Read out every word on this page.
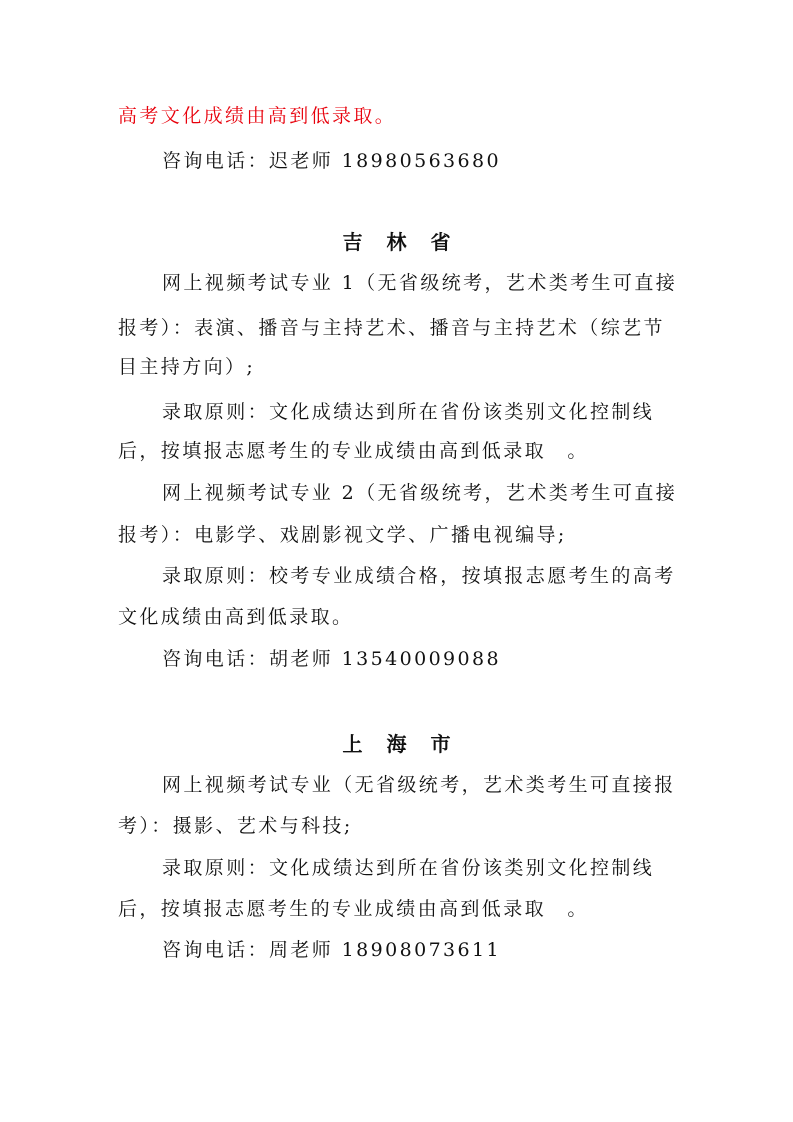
高考文化成绩由高到低录取。
咨询电话：迟老师 18980563680
吉林省
网上视频考试专业 1（无省级统考，艺术类考生可直接
报考）：表演、播音与主持艺术、播音与主持艺术（综艺节
目主持方向）;
录取原则：文化成绩达到所在省份该类别文化控制线
后，按填报志愿考生的专业成绩由高到低录取　。
网上视频考试专业 2（无省级统考，艺术类考生可直接
报考）：电影学、戏剧影视文学、广播电视编导;
录取原则：校考专业成绩合格，按填报志愿考生的高考
文化成绩由高到低录取。
咨询电话：胡老师 13540009088
上海市
网上视频考试专业（无省级统考，艺术类考生可直接报
考）：摄影、艺术与科技;
录取原则：文化成绩达到所在省份该类别文化控制线
后，按填报志愿考生的专业成绩由高到低录取　。
咨询电话：周老师 18908073611
